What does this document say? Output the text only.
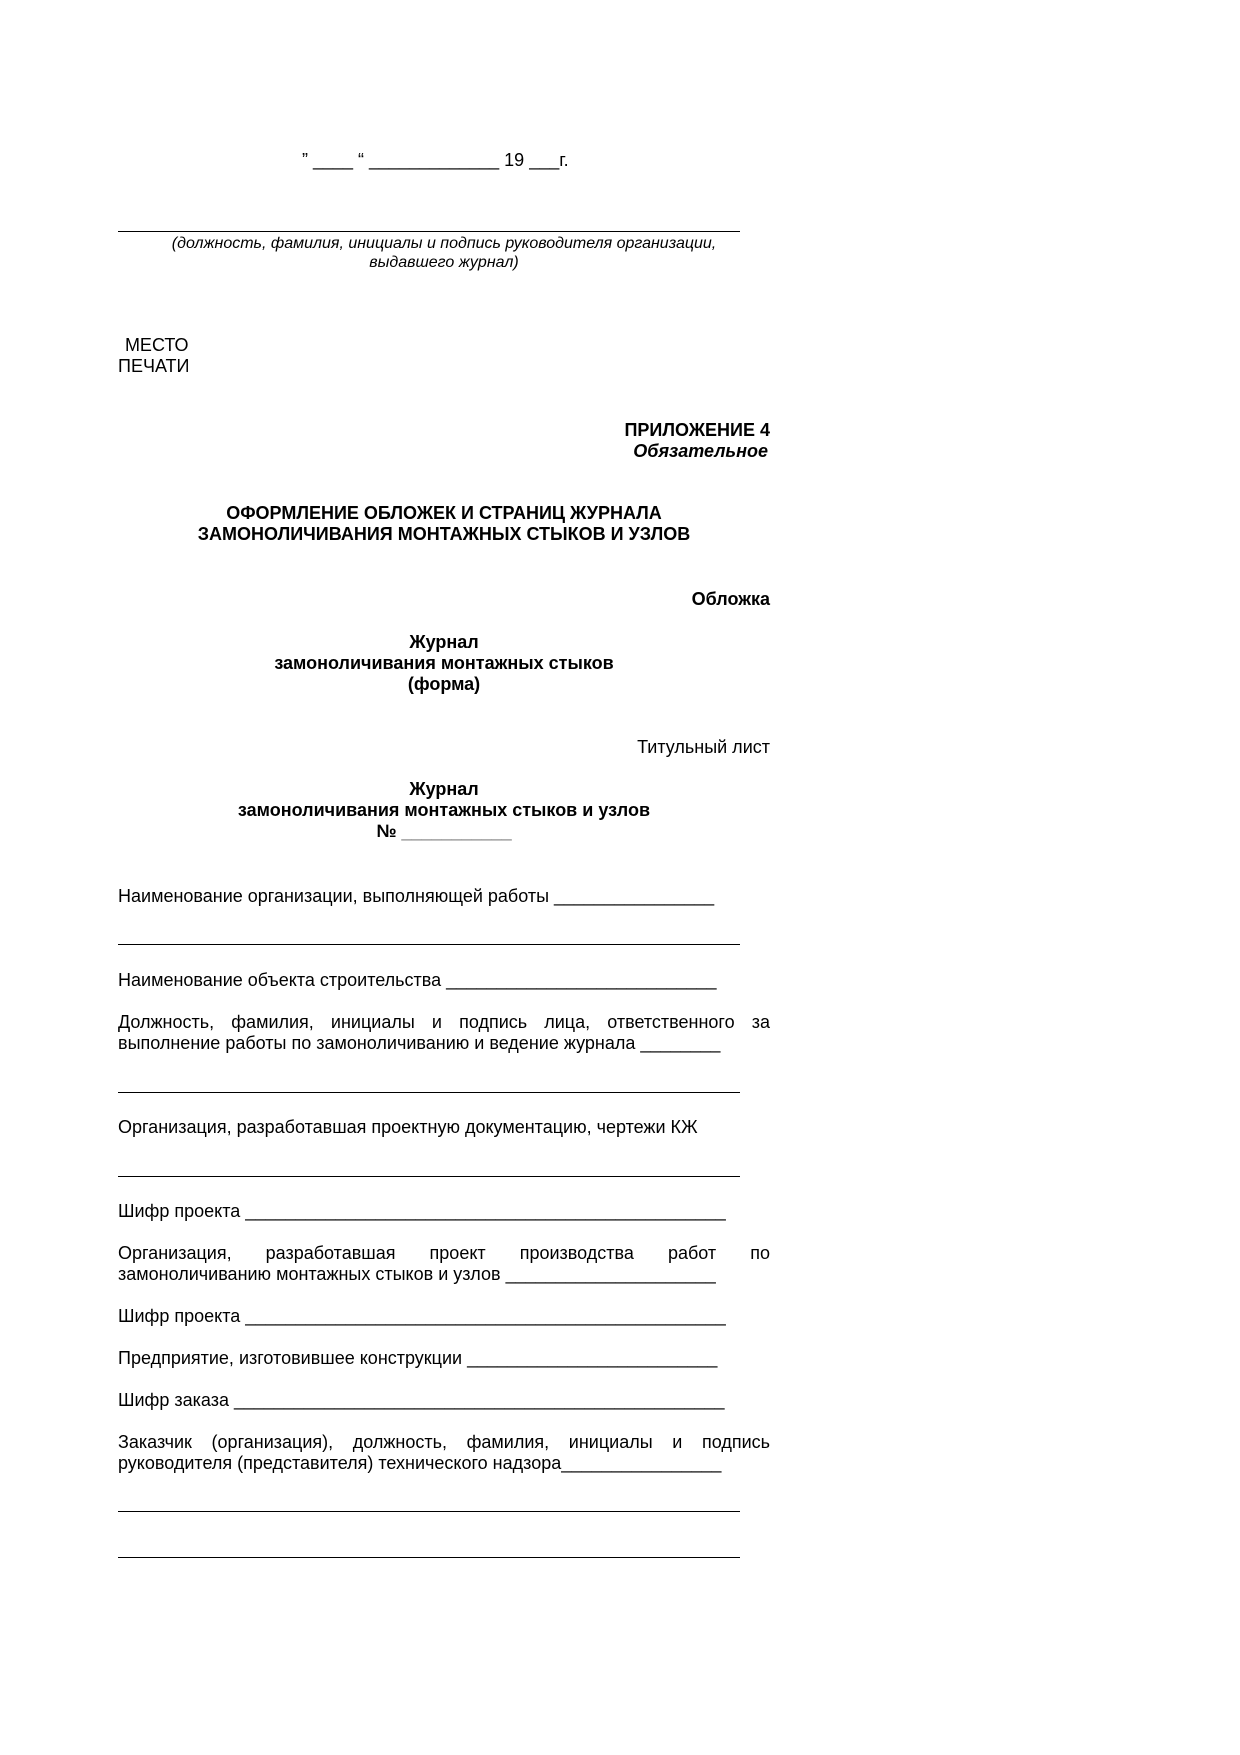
” ____ “ _____________ 19 ___г.
(должность, фамилия, инициалы и подпись руководителя организации,
выдавшего журнал)
МЕСТО
ПЕЧАТИ
ПРИЛОЖЕНИЕ 4
Обязательное
ОФОРМЛЕНИЕ ОБЛОЖЕК И СТРАНИЦ ЖУРНАЛА
ЗАМОНОЛИЧИВАНИЯ МОНТАЖНЫХ СТЫКОВ И УЗЛОВ
Обложка
Журнал
замоноличивания монтажных стыков
(форма)
Титульный лист
Журнал
замоноличивания монтажных стыков и узлов
№ ___________
Наименование организации, выполняющей работы ________________
Наименование объекта строительства ___________________________
Должность, фамилия, инициалы и подпись лица, ответственного за
выполнение работы по замоноличиванию и ведение журнала ________
Организация, разработавшая проектную документацию, чертежи КЖ
Шифр проекта ________________________________________________
Организация, разработавшая проект производства работ по
замоноличиванию монтажных стыков и узлов _____________________
Шифр проекта ________________________________________________
Предприятие, изготовившее конструкции _________________________
Шифр заказа _________________________________________________
Заказчик (организация), должность, фамилия, инициалы и подпись
руководителя (представителя) технического надзора________________
